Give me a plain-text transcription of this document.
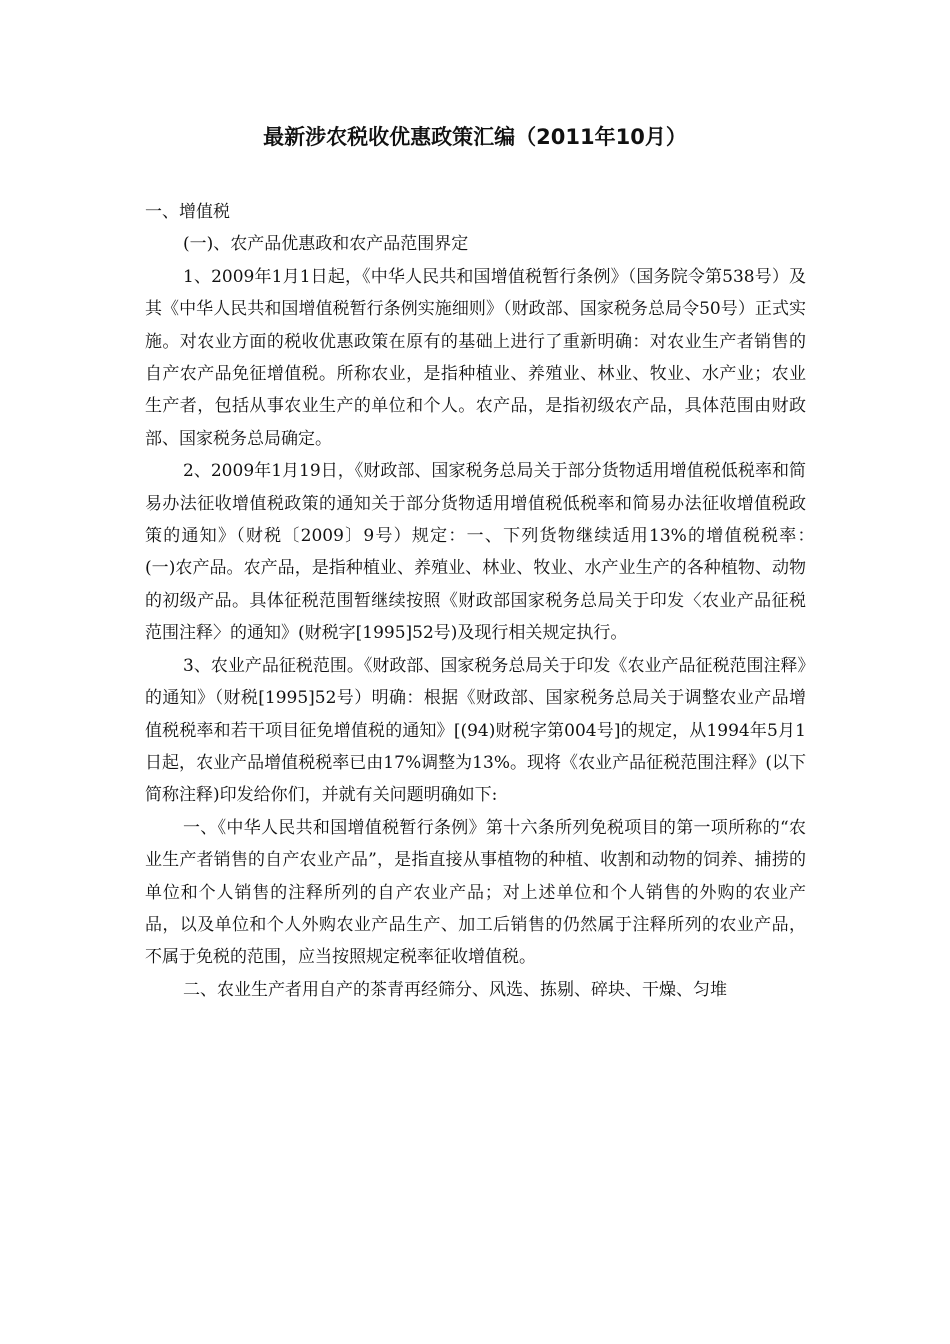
最新涉农税收优惠政策汇编（2011年10月）

一、增值税

(一)、农产品优惠政和农产品范围界定

1、2009年1月1日起，《中华人民共和国增值税暂行条例》（国务院令第538号）及其《中华人民共和国增值税暂行条例实施细则》（财政部、国家税务总局令50号）正式实施。对农业方面的税收优惠政策在原有的基础上进行了重新明确：对农业生产者销售的自产农产品免征增值税。所称农业，是指种植业、养殖业、林业、牧业、水产业；农业生产者，包括从事农业生产的单位和个人。农产品，是指初级农产品，具体范围由财政部、国家税务总局确定。

2、2009年1月19日，《财政部、国家税务总局关于部分货物适用增值税低税率和简易办法征收增值税政策的通知关于部分货物适用增值税低税率和简易办法征收增值税政策的通知》（财税〔2009〕9号）规定：一、下列货物继续适用13%的增值税税率：　(一)农产品。农产品，是指种植业、养殖业、林业、牧业、水产业生产的各种植物、动物的初级产品。具体征税范围暂继续按照《财政部国家税务总局关于印发〈农业产品征税范围注释〉的通知》(财税字[1995]52号)及现行相关规定执行。

3、农业产品征税范围。《财政部、国家税务总局关于印发《农业产品征税范围注释》的通知》（财税[1995]52号）明确：根据《财政部、国家税务总局关于调整农业产品增值税税率和若干项目征免增值税的通知》[(94)财税字第004号]的规定，从1994年5月1日起，农业产品增值税税率已由17%调整为13%。现将《农业产品征税范围注释》(以下简称注释)印发给你们，并就有关问题明确如下:

一、《中华人民共和国增值税暂行条例》第十六条所列免税项目的第一项所称的“农业生产者销售的自产农业产品”，是指直接从事植物的种植、收割和动物的饲养、捕捞的单位和个人销售的注释所列的自产农业产品；对上述单位和个人销售的外购的农业产品，以及单位和个人外购农业产品生产、加工后销售的仍然属于注释所列的农业产品，不属于免税的范围，应当按照规定税率征收增值税。

二、农业生产者用自产的茶青再经筛分、风选、拣剔、碎块、干燥、匀堆
